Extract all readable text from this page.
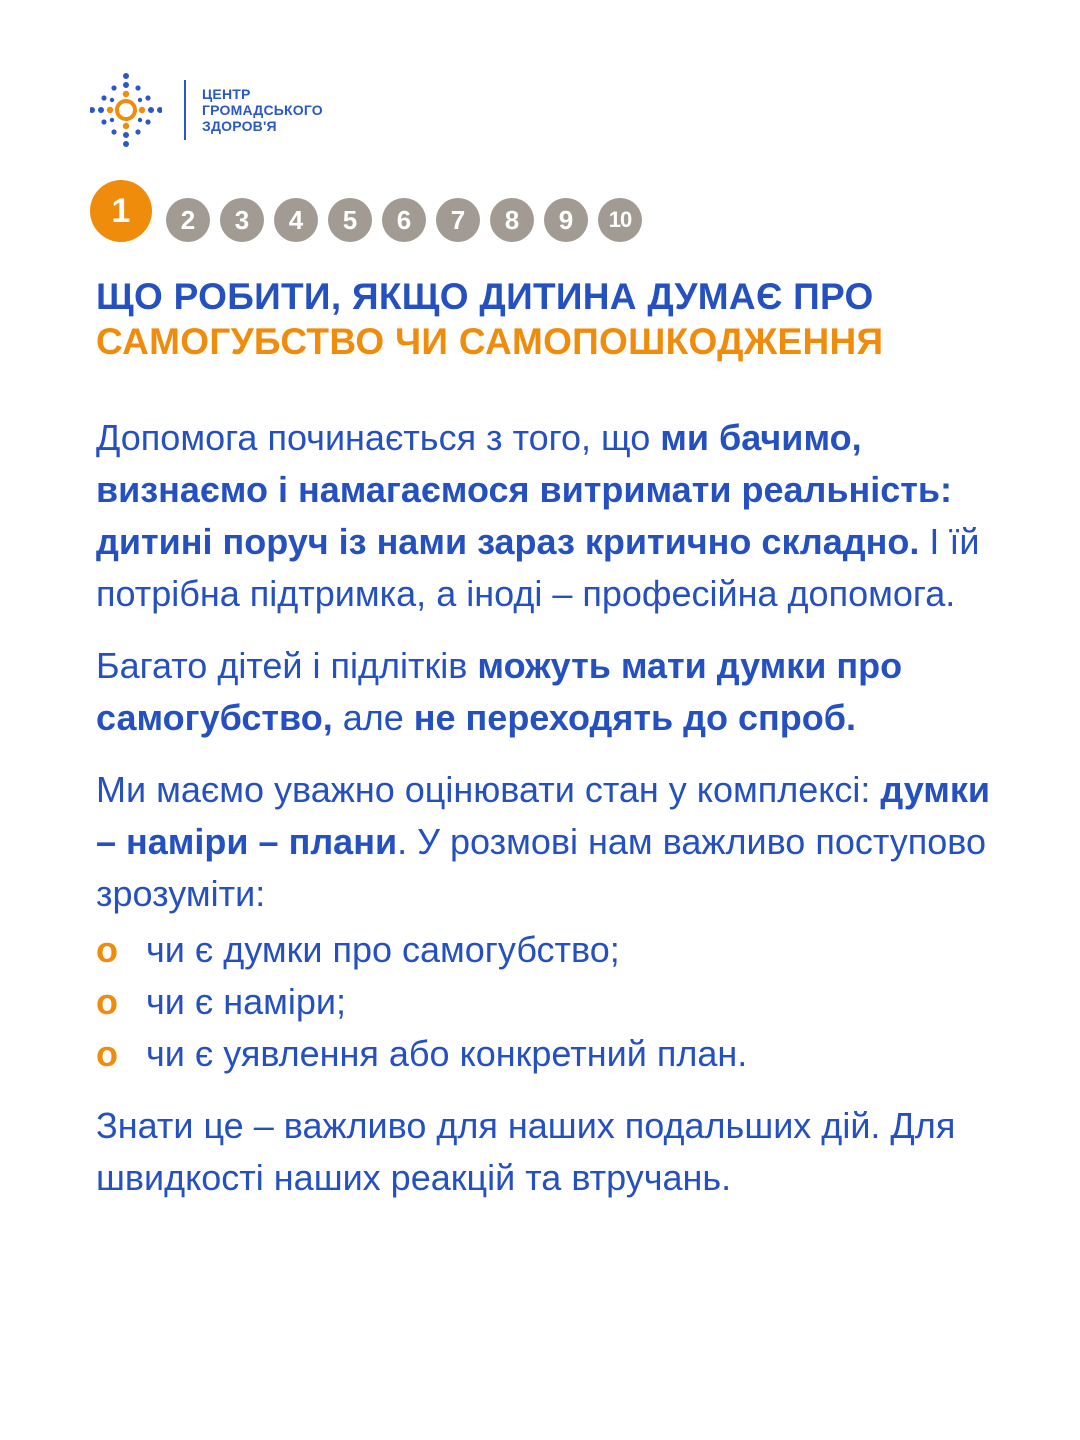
ЦЕНТР
ГРОМАДСЬКОГО
ЗДОРОВ'Я
1	2	3	4	5	6	7	8	9	10
ЩО РОБИТИ, ЯКЩО ДИТИНА ДУМАЄ ПРО
САМОГУБСТВО ЧИ САМОПОШКОДЖЕННЯ

Допомога починається з того, що ми бачимо, визнаємо і намагаємося витримати реальність: дитині поруч із нами зараз критично складно. І їй потрібна підтримка, а іноді – професійна допомога.

Багато дітей і підлітків можуть мати думки про самогубство, але не переходять до спроб.

Ми маємо уважно оцінювати стан у комплексі: думки – наміри – плани. У розмові нам важливо поступово зрозуміти:

o чи є думки про самогубство;
o чи є наміри;
o чи є уявлення або конкретний план.

Знати це – важливо для наших подальших дій. Для швидкості наших реакцій та втручань.
